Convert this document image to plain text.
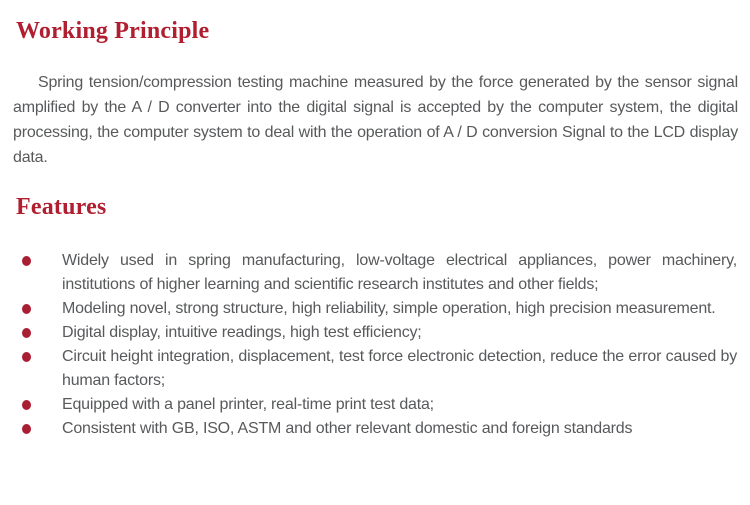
Working Principle

Spring tension/compression testing machine measured by the force generated by the sensor signal amplified by the A / D converter into the digital signal is accepted by the computer system, the digital processing, the computer system to deal with the operation of A / D conversion Signal to the LCD display data.

Features
Widely used in spring manufacturing, low-voltage electrical appliances, power machinery, institutions of higher learning and scientific research institutes and other fields;
Modeling novel, strong structure, high reliability, simple operation, high precision measurement.
Digital display, intuitive readings, high test efficiency;
Circuit height integration, displacement, test force electronic detection, reduce the error caused by human factors;
Equipped with a panel printer, real-time print test data;
Consistent with GB, ISO, ASTM and other relevant domestic and foreign standards
